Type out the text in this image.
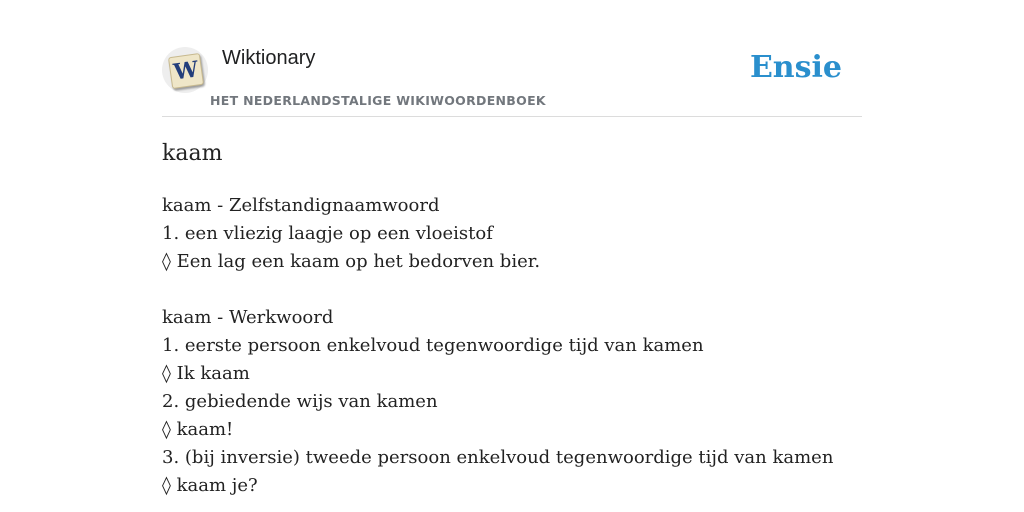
W Wiktionary
HET NEDERLANDSTALIGE WIKIWOORDENBOEK
Ensie
kaam
kaam - Zelfstandignaamwoord
1. een vliezig laagje op een vloeistof
◊ Een lag een kaam op het bedorven bier.
kaam - Werkwoord
1. eerste persoon enkelvoud tegenwoordige tijd van kamen
◊ Ik kaam
2. gebiedende wijs van kamen
◊ kaam!
3. (bij inversie) tweede persoon enkelvoud tegenwoordige tijd van kamen
◊ kaam je?
